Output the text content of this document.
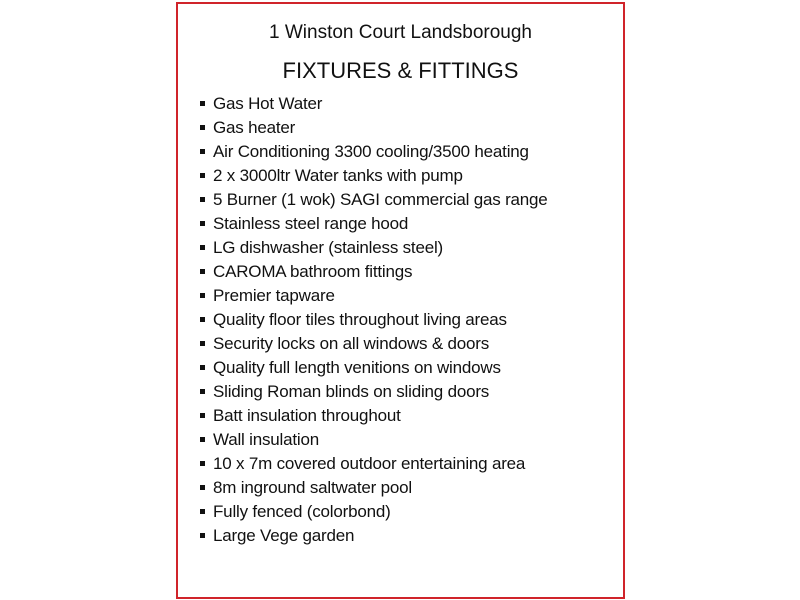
1 Winston Court Landsborough
FIXTURES & FITTINGS
Gas Hot Water
Gas heater
Air Conditioning 3300 cooling/3500 heating
2 x 3000ltr Water tanks with pump
5 Burner (1 wok) SAGI commercial gas range
Stainless steel range hood
LG dishwasher (stainless steel)
CAROMA bathroom fittings
Premier tapware
Quality floor tiles throughout living areas
Security locks on all windows & doors
Quality full length venitions on windows
Sliding Roman blinds on sliding doors
Batt insulation throughout
Wall insulation
10 x 7m covered outdoor entertaining area
8m inground saltwater pool
Fully fenced (colorbond)
Large Vege garden
